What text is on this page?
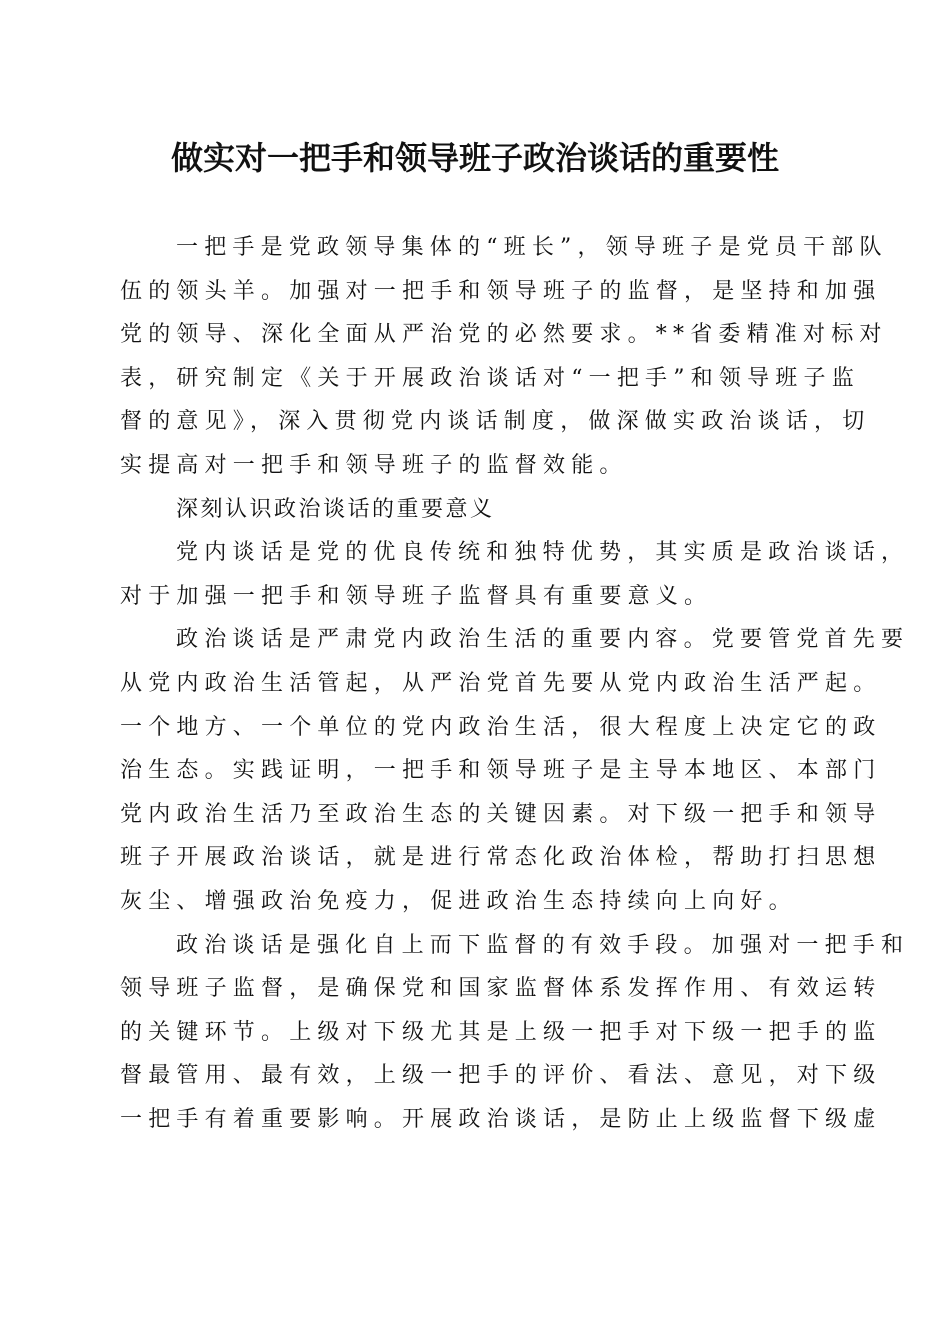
做实对一把手和领导班子政治谈话的重要性

一把手是党政领导集体的“班长”，领导班子是党员干部队
伍的领头羊。加强对一把手和领导班子的监督，是坚持和加强
党的领导、深化全面从严治党的必然要求。**省委精准对标对
表，研究制定《关于开展政治谈话对“一把手”和领导班子监
督的意见》，深入贯彻党内谈话制度，做深做实政治谈话，切
实提高对一把手和领导班子的监督效能。

深刻认识政治谈话的重要意义

党内谈话是党的优良传统和独特优势，其实质是政治谈话，
对于加强一把手和领导班子监督具有重要意义。

政治谈话是严肃党内政治生活的重要内容。党要管党首先要
从党内政治生活管起，从严治党首先要从党内政治生活严起。
一个地方、一个单位的党内政治生活，很大程度上决定它的政
治生态。实践证明，一把手和领导班子是主导本地区、本部门
党内政治生活乃至政治生态的关键因素。对下级一把手和领导
班子开展政治谈话，就是进行常态化政治体检，帮助打扫思想
灰尘、增强政治免疫力，促进政治生态持续向上向好。

政治谈话是强化自上而下监督的有效手段。加强对一把手和
领导班子监督，是确保党和国家监督体系发挥作用、有效运转
的关键环节。上级对下级尤其是上级一把手对下级一把手的监
督最管用、最有效，上级一把手的评价、看法、意见，对下级
一把手有着重要影响。开展政治谈话，是防止上级监督下级虚
